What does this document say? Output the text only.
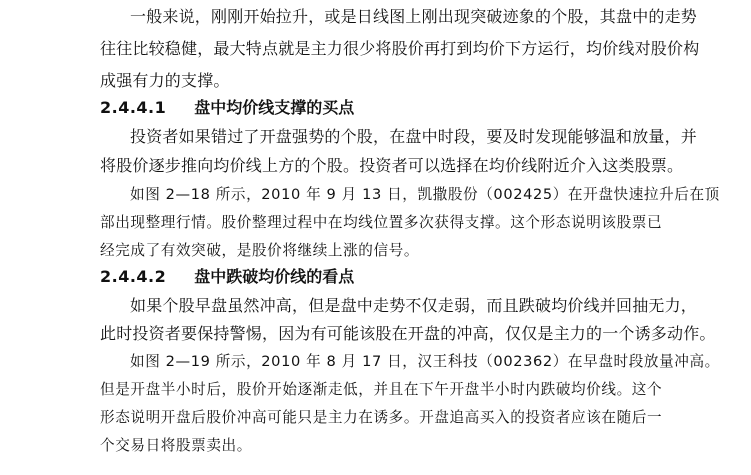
一般来说，刚刚开始拉升，或是日线图上刚出现突破迹象的个股，其盘中的走势
往往比较稳健，最大特点就是主力很少将股价再打到均价下方运行，均价线对股价构
成强有力的支撑。
2.4.4.1 盘中均价线支撑的买点
投资者如果错过了开盘强势的个股，在盘中时段，要及时发现能够温和放量，并
将股价逐步推向均价线上方的个股。投资者可以选择在均价线附近介入这类股票。
如图 2—18 所示，2010 年 9 月 13 日，凯撒股份（002425）在开盘快速拉升后在顶
部出现整理行情。股价整理过程中在均线位置多次获得支撑。这个形态说明该股票已
经完成了有效突破，是股价将继续上涨的信号。
2.4.4.2 盘中跌破均价线的看点
如果个股早盘虽然冲高，但是盘中走势不仅走弱，而且跌破均价线并回抽无力，
此时投资者要保持警惕，因为有可能该股在开盘的冲高，仅仅是主力的一个诱多动作。
如图 2—19 所示，2010 年 8 月 17 日，汉王科技（002362）在早盘时段放量冲高。
但是开盘半小时后，股价开始逐渐走低，并且在下午开盘半小时内跌破均价线。这个
形态说明开盘后股价冲高可能只是主力在诱多。开盘追高买入的投资者应该在随后一
个交易日将股票卖出。
